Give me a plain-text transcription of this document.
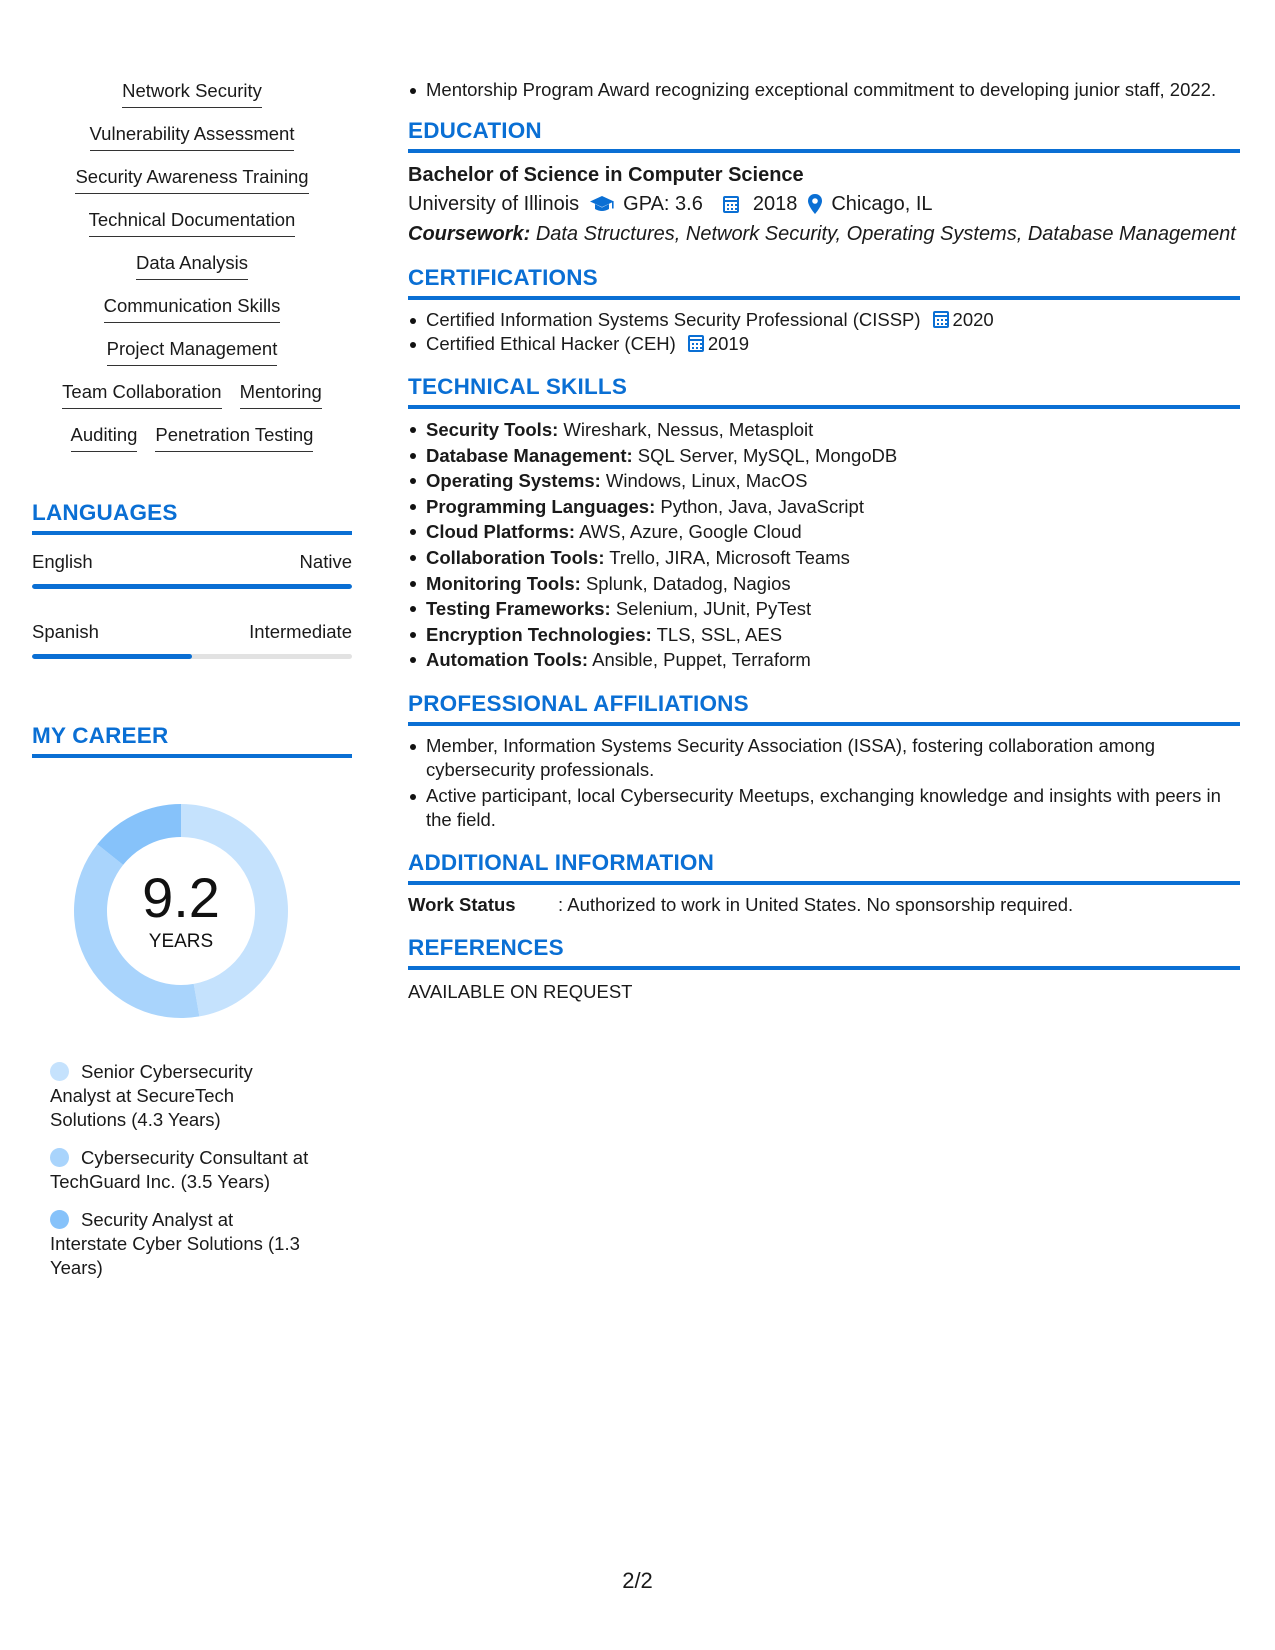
Network Security
Vulnerability Assessment
Security Awareness Training
Technical Documentation
Data Analysis
Communication Skills
Project Management
Team Collaboration Mentoring
Auditing Penetration Testing
LANGUAGES
English	Native
Spanish	Intermediate
MY CAREER
9.2
YEARS
Senior Cybersecurity Analyst at SecureTech Solutions (4.3 Years)
Cybersecurity Consultant at TechGuard Inc. (3.5 Years)
Security Analyst at Interstate Cyber Solutions (1.3 Years)
Mentorship Program Award recognizing exceptional commitment to developing junior staff, 2022.
EDUCATION
Bachelor of Science in Computer Science
University of Illinois GPA: 3.6	2018 Chicago, IL
Coursework: Data Structures, Network Security, Operating Systems, Database Management
CERTIFICATIONS
Certified Information Systems Security Professional (CISSP) 2020
Certified Ethical Hacker (CEH) 2019
TECHNICAL SKILLS
Security Tools: Wireshark, Nessus, Metasploit
Database Management: SQL Server, MySQL, MongoDB
Operating Systems: Windows, Linux, MacOS
Programming Languages: Python, Java, JavaScript
Cloud Platforms: AWS, Azure, Google Cloud
Collaboration Tools: Trello, JIRA, Microsoft Teams
Monitoring Tools: Splunk, Datadog, Nagios
Testing Frameworks: Selenium, JUnit, PyTest
Encryption Technologies: TLS, SSL, AES
Automation Tools: Ansible, Puppet, Terraform
PROFESSIONAL AFFILIATIONS
Member, Information Systems Security Association (ISSA), fostering collaboration among cybersecurity professionals.
Active participant, local Cybersecurity Meetups, exchanging knowledge and insights with peers in the field.
ADDITIONAL INFORMATION
Work Status	: Authorized to work in United States. No sponsorship required.
REFERENCES
AVAILABLE ON REQUEST
2/2
